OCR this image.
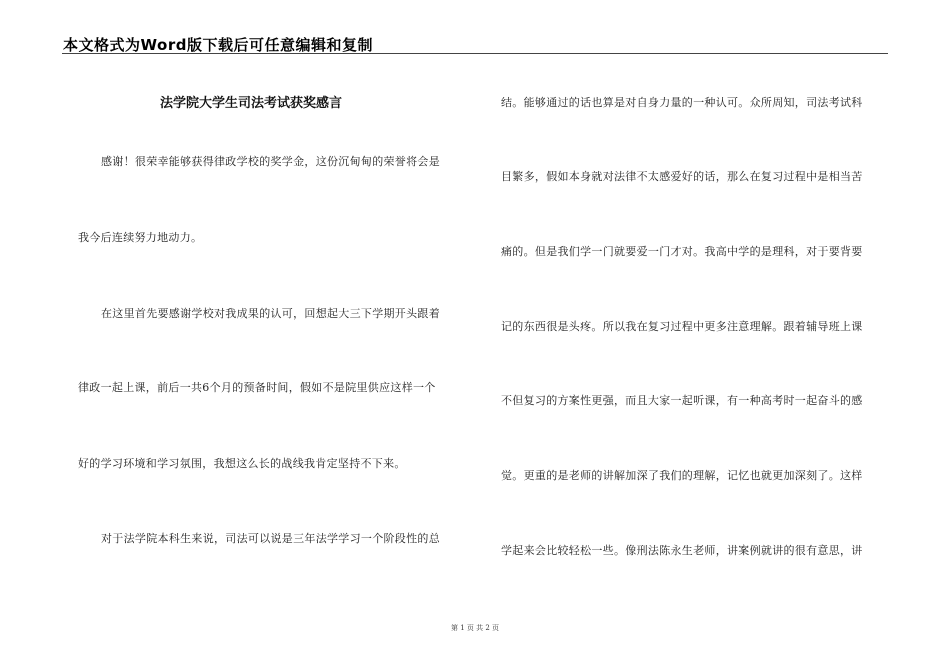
本文格式为Word版下载后可任意编辑和复制
法学院大学生司法考试获奖感言
感谢！很荣幸能够获得律政学校的奖学金，这份沉甸甸的荣誉将会是
我今后连续努力地动力。
在这里首先要感谢学校对我成果的认可，回想起大三下学期开头跟着
律政一起上课，前后一共6个月的预备时间，假如不是院里供应这样一个
好的学习环境和学习氛围，我想这么长的战线我肯定坚持不下来。
对于法学院本科生来说，司法可以说是三年法学学习一个阶段性的总
结。能够通过的话也算是对自身力量的一种认可。众所周知，司法考试科
目繁多，假如本身就对法律不太感爱好的话，那么在复习过程中是相当苦
痛的。但是我们学一门就要爱一门才对。我高中学的是理科，对于要背要
记的东西很是头疼。所以我在复习过程中更多注意理解。跟着辅导班上课
不但复习的方案性更强，而且大家一起听课，有一种高考时一起奋斗的感
觉。更重的是老师的讲解加深了我们的理解，记忆也就更加深刻了。这样
学起来会比较轻松一些。像刑法陈永生老师，讲案例就讲的很有意思，讲
第 1 页 共 2 页
